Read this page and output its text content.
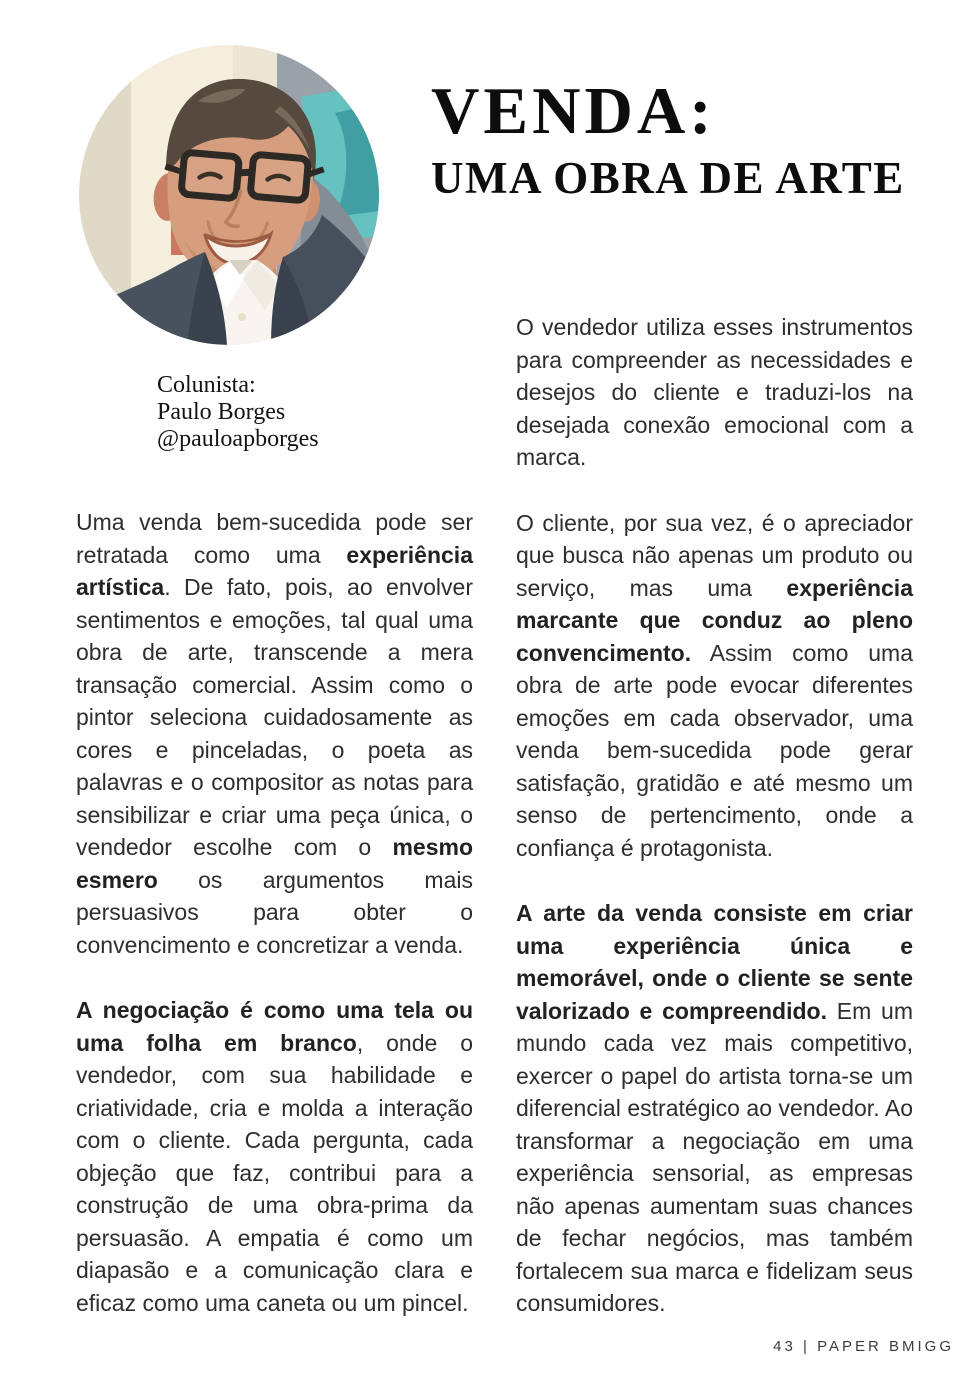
VENDA:
UMA OBRA DE ARTE
Colunista:
Paulo Borges
@pauloapborges

Uma venda bem-sucedida pode ser retratada como uma experiência artística. De fato, pois, ao envolver sentimentos e emoções, tal qual uma obra de arte, transcende a mera transação comercial. Assim como o pintor seleciona cuidadosamente as cores e pinceladas, o poeta as palavras e o compositor as notas para sensibilizar e criar uma peça única, o vendedor escolhe com o mesmo esmero os argumentos mais persuasivos para obter o convencimento e concretizar a venda.

A negociação é como uma tela ou uma folha em branco, onde o vendedor, com sua habilidade e criatividade, cria e molda a interação com o cliente. Cada pergunta, cada objeção que faz, contribui para a construção de uma obra-prima da persuasão. A empatia é como um diapasão e a comunicação clara e eficaz como uma caneta ou um pincel.

O vendedor utiliza esses instrumentos para compreender as necessidades e desejos do cliente e traduzi-los na desejada conexão emocional com a marca.

O cliente, por sua vez, é o apreciador que busca não apenas um produto ou serviço, mas uma experiência marcante que conduz ao pleno convencimento. Assim como uma obra de arte pode evocar diferentes emoções em cada observador, uma venda bem-sucedida pode gerar satisfação, gratidão e até mesmo um senso de pertencimento, onde a confiança é protagonista.

A arte da venda consiste em criar uma experiência única e memorável, onde o cliente se sente valorizado e compreendido. Em um mundo cada vez mais competitivo, exercer o papel do artista torna-se um diferencial estratégico ao vendedor. Ao transformar a negociação em uma experiência sensorial, as empresas não apenas aumentam suas chances de fechar negócios, mas também fortalecem sua marca e fidelizam seus consumidores.

43 | PAPER BMIGG
